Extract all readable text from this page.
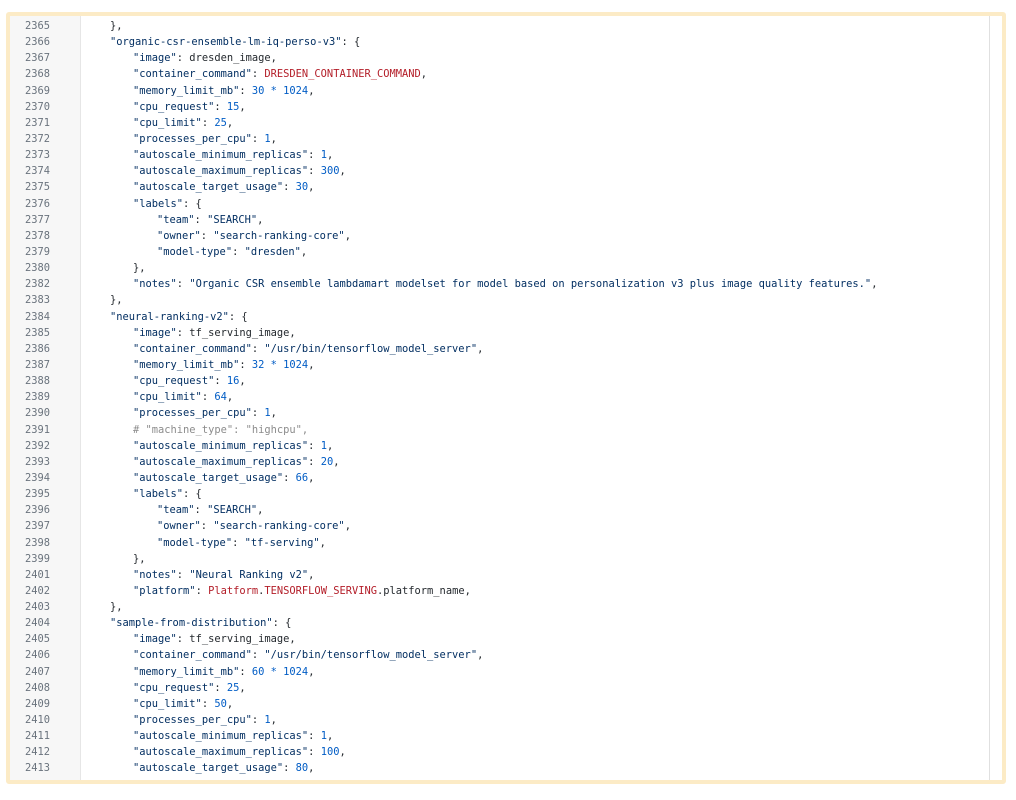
2365	},
2366	"organic-csr-ensemble-lm-iq-perso-v3": {
2367	"image": dresden_image,
2368	"container_command": DRESDEN_CONTAINER_COMMAND,
2369	"memory_limit_mb": 30 * 1024,
2370	"cpu_request": 15,
2371	"cpu_limit": 25,
2372	"processes_per_cpu": 1,
2373	"autoscale_minimum_replicas": 1,
2374	"autoscale_maximum_replicas": 300,
2375	"autoscale_target_usage": 30,
2376	"labels": {
2377	"team": "SEARCH",
2378	"owner": "search-ranking-core",
2379	"model-type": "dresden",
2380	},
2382	"notes": "Organic CSR ensemble lambdamart modelset for model based on personalization v3 plus image quality features.",
2383	},
2384	"neural-ranking-v2": {
2385	"image": tf_serving_image,
2386	"container_command": "/usr/bin/tensorflow_model_server",
2387	"memory_limit_mb": 32 * 1024,
2388	"cpu_request": 16,
2389	"cpu_limit": 64,
2390	"processes_per_cpu": 1,
2391	# "machine_type": "highcpu",
2392	"autoscale_minimum_replicas": 1,
2393	"autoscale_maximum_replicas": 20,
2394	"autoscale_target_usage": 66,
2395	"labels": {
2396	"team": "SEARCH",
2397	"owner": "search-ranking-core",
2398	"model-type": "tf-serving",
2399	},
2401	"notes": "Neural Ranking v2",
2402	"platform": Platform.TENSORFLOW_SERVING.platform_name,
2403	},
2404	"sample-from-distribution": {
2405	"image": tf_serving_image,
2406	"container_command": "/usr/bin/tensorflow_model_server",
2407	"memory_limit_mb": 60 * 1024,
2408	"cpu_request": 25,
2409	"cpu_limit": 50,
2410	"processes_per_cpu": 1,
2411	"autoscale_minimum_replicas": 1,
2412	"autoscale_maximum_replicas": 100,
2413	"autoscale_target_usage": 80,
